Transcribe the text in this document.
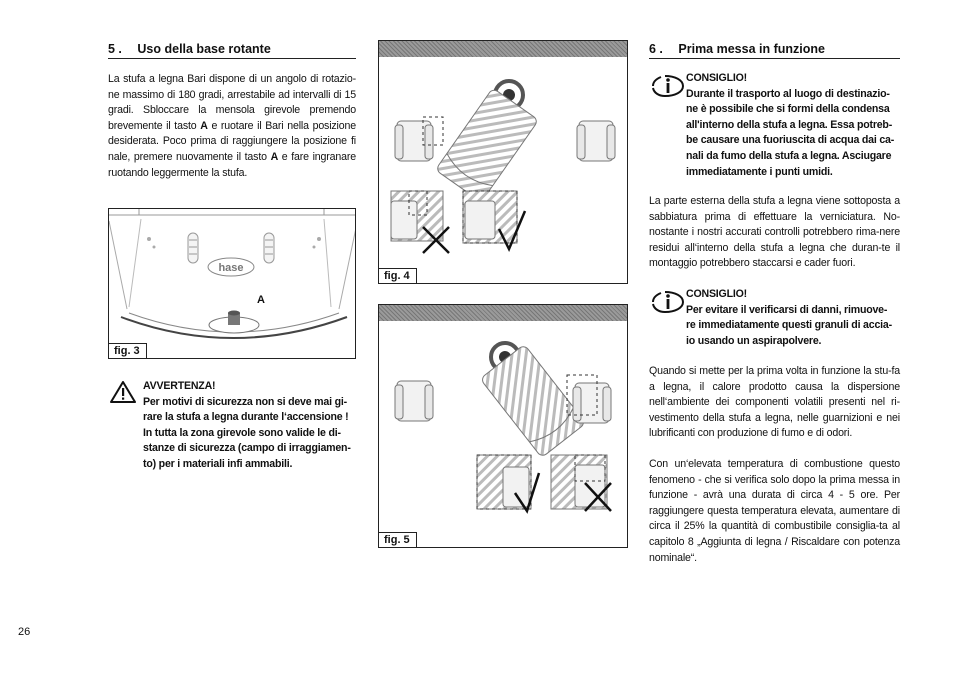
5 . Uso della base rotante
La stufa a legna Bari dispone di un angolo di rotazio-ne massimo di 180 gradi, arrestabile ad intervalli di 15 gradi. Sbloccare la mensola girevole premendo brevemente il tasto A e ruotare il Bari nella posizione desiderata. Poco prima di raggiungere la posizione fi nale, premere nuovamente il tasto A e fare ingranare ruotando leggermente la stufa.
hase
A
fig. 3
AVVERTENZA!
Per motivi di sicurezza non si deve mai gi-
rare la stufa a legna durante l‘accensione !
In tutta la zona girevole sono valide le di-
stanze di sicurezza (campo di irraggiamen-
to) per i materiali infi ammabili.
fig. 4
fig. 5
6 . Prima messa in funzione
CONSIGLIO!
Durante il trasporto al luogo di destinazio-
ne è possibile che si formi della condensa
all'interno della stufa a legna. Essa potreb-
be causare una fuoriuscita di acqua dai ca-
nali da fumo della stufa a legna. Asciugare
immediatamente i punti umidi.
La parte esterna della stufa a legna viene sottoposta a sabbiatura prima di effettuare la verniciatura. No-nostante i nostri accurati controlli potrebbero rima-nere residui all‘interno della stufa a legna che duran-te il montaggio potrebbero staccarsi e cader fuori.
CONSIGLIO!
Per evitare il verificarsi di danni, rimuove-
re immediatamente questi granuli di accia-
io usando un aspirapolvere.
Quando si mette per la prima volta in funzione la stu-fa a legna, il calore prodotto causa la dispersione nell‘ambiente dei componenti volatili presenti nel ri-vestimento della stufa a legna, nelle guarnizioni e nei lubrificanti con produzione di fumo e di odori.
Con un‘elevata temperatura di combustione questo fenomeno - che si verifica solo dopo la prima messa in funzione - avrà una durata di circa 4 - 5 ore. Per raggiungere questa temperatura elevata, aumentare di circa il 25% la quantità di combustibile consiglia-ta al capitolo 8 „Aggiunta di legna / Riscaldare con potenza nominale“.
26
